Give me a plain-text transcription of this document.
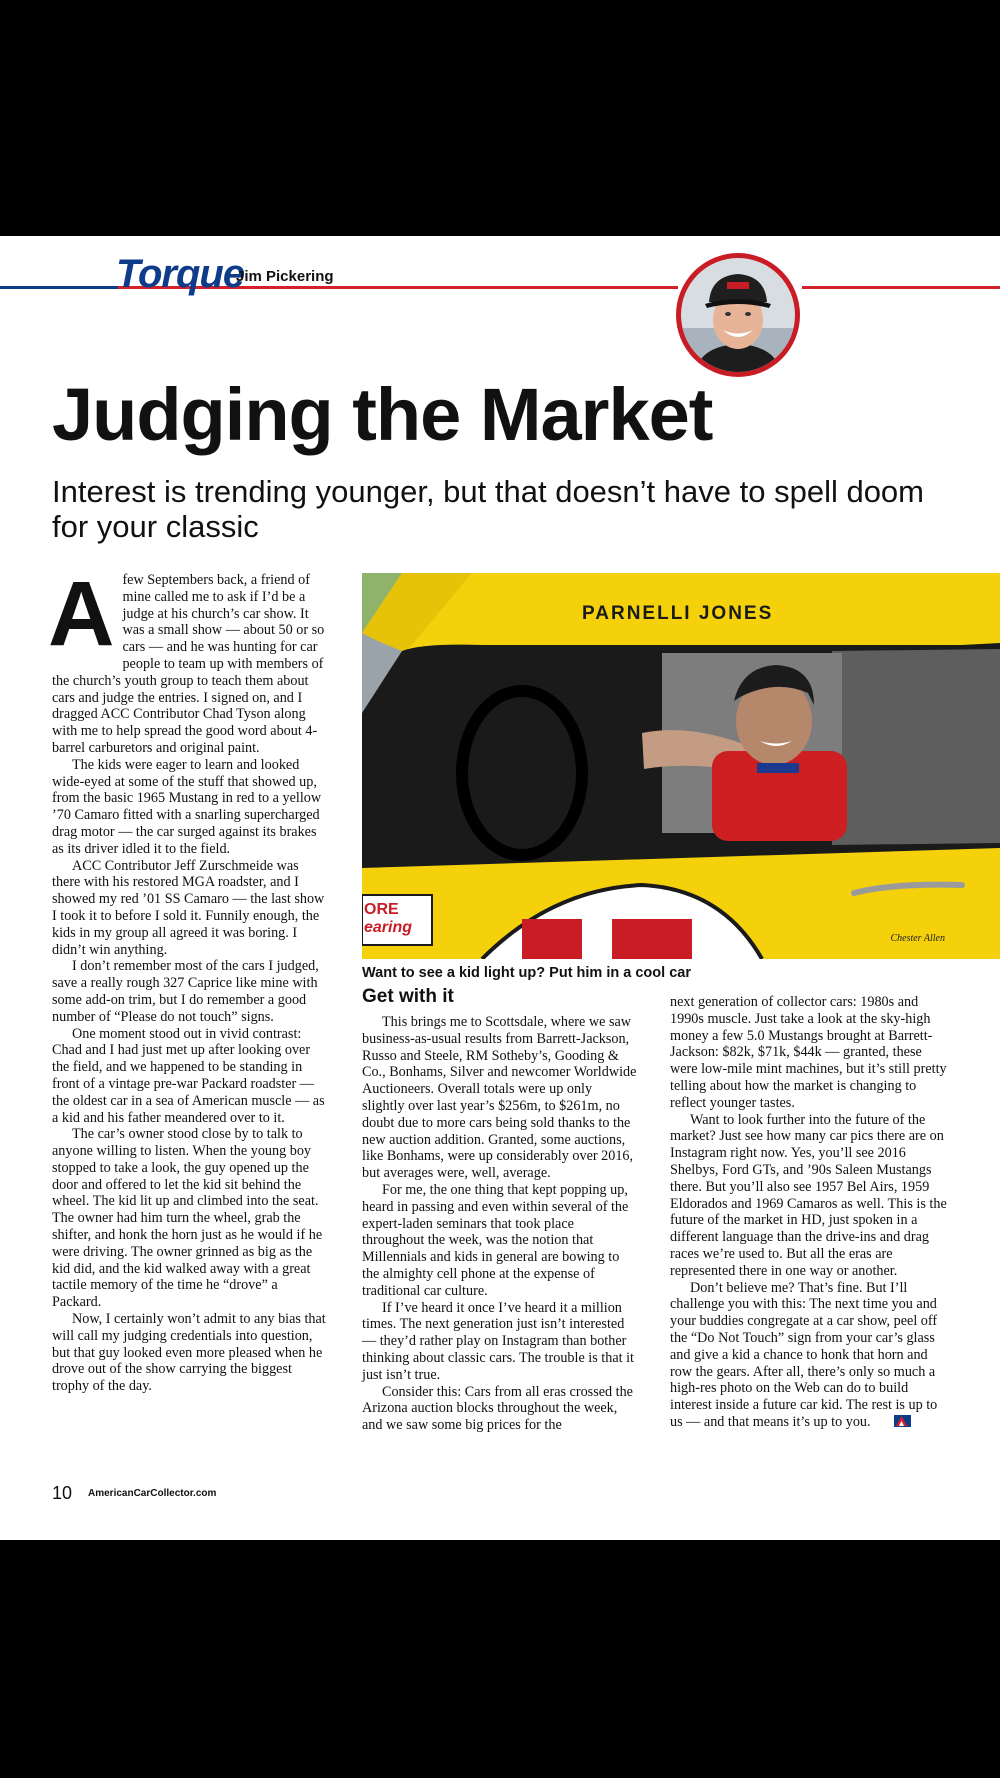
Torque
Jim Pickering
Judging the Market

Interest is trending younger, but that doesn’t have to spell doom for your classic

A few Septembers back, a friend of mine called me to ask if I’d be a judge at his church’s car show. It was a small show — about 50 or so cars — and he was hunting for car people to team up with members of the church’s youth group to teach them about cars and judge the entries. I signed on, and I dragged ACC Contributor Chad Tyson along with me to help spread the good word about 4-barrel carburetors and original paint.

The kids were eager to learn and looked wide-eyed at some of the stuff that showed up, from the basic 1965 Mustang in red to a yellow ’70 Camaro fitted with a snarling supercharged drag motor — the car surged against its brakes as its driver idled it to the field.

ACC Contributor Jeff Zurschmeide was there with his restored MGA roadster, and I showed my red ’01 SS Camaro — the last show I took it to before I sold it. Funnily enough, the kids in my group all agreed it was boring. I didn’t win anything.

I don’t remember most of the cars I judged, save a really rough 327 Caprice like mine with some add-on trim, but I do remember a good number of “Please do not touch” signs.

One moment stood out in vivid contrast: Chad and I had just met up after looking over the field, and we happened to be standing in front of a vintage pre-war Packard roadster — the oldest car in a sea of American muscle — as a kid and his father meandered over to it.

The car’s owner stood close by to talk to anyone willing to listen. When the young boy stopped to take a look, the guy opened up the door and offered to let the kid sit behind the wheel. The kid lit up and climbed into the seat. The owner had him turn the wheel, grab the shifter, and honk the horn just as he would if he were driving. The owner grinned as big as the kid did, and the kid walked away with a great tactile memory of the time he “drove” a Packard.

Now, I certainly won’t admit to any bias that will call my judging credentials into question, but that guy looked even more pleased when he drove out of the show carrying the biggest trophy of the day.

PARNELLI JONES
ORE
earing
Chester Allen
Want to see a kid light up? Put him in a cool car
Get with it

This brings me to Scottsdale, where we saw business-as-usual results from Barrett-Jackson, Russo and Steele, RM Sotheby’s, Gooding & Co., Bonhams, Silver and newcomer Worldwide Auctioneers. Overall totals were up only slightly over last year’s $256m, to $261m, no doubt due to more cars being sold thanks to the new auction addition. Granted, some auctions, like Bonhams, were up considerably over 2016, but averages were, well, average.

For me, the one thing that kept popping up, heard in passing and even within several of the expert-laden seminars that took place throughout the week, was the notion that Millennials and kids in general are bowing to the almighty cell phone at the expense of traditional car culture.

If I’ve heard it once I’ve heard it a million times. The next generation just isn’t interested — they’d rather play on Instagram than bother thinking about classic cars. The trouble is that it just isn’t true.

Consider this: Cars from all eras crossed the Arizona auction blocks throughout the week, and we saw some big prices for the

next generation of collector cars: 1980s and 1990s muscle. Just take a look at the sky-high money a few 5.0 Mustangs brought at Barrett-Jackson: $82k, $71k, $44k — granted, these were low-mile mint machines, but it’s still pretty telling about how the market is changing to reflect younger tastes.

Want to look further into the future of the market? Just see how many car pics there are on Instagram right now. Yes, you’ll see 2016 Shelbys, Ford GTs, and ’90s Saleen Mustangs there. But you’ll also see 1957 Bel Airs, 1959 Eldorados and 1969 Camaros as well. This is the future of the market in HD, just spoken in a different language than the drive-ins and drag races we’re used to. But all the eras are represented there in one way or another.

Don’t believe me? That’s fine. But I’ll challenge you with this: The next time you and your buddies congregate at a car show, peel off the “Do Not Touch” sign from your car’s glass and give a kid a chance to honk that horn and row the gears. After all, there’s only so much a high-res photo on the Web can do to build interest inside a future car kid. The rest is up to us — and that means it’s up to you.

10 AmericanCarCollector.com
